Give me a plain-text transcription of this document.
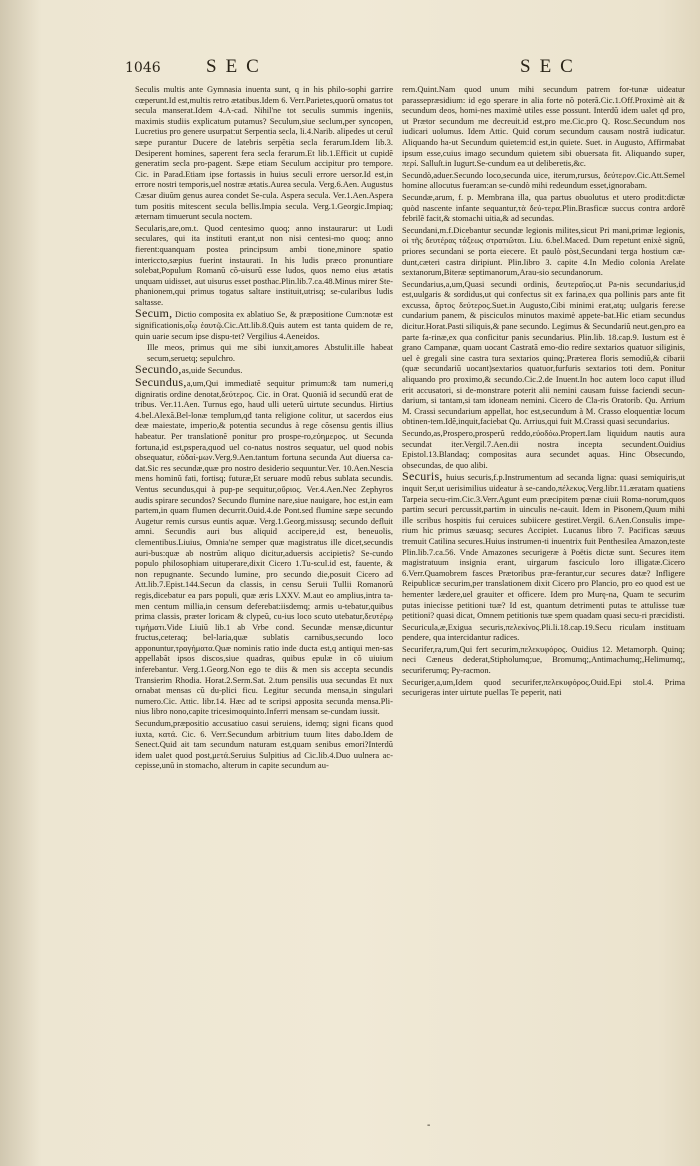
1046 SEC	SEC

Seculis multis ante Gymnasia inuenta sunt, q in his philo-sophi garrire cœperunt.Id est,multis retro ætatibus.Idem 6. Verr.Parietes,quorũ ornatus tot secula manserat.Idem 4.A-cad. Nihil'ne tot seculis summis ingeniis, maximis studiis explicatum putamus? Seculum,siue seclum,per syncopen, Lucretius pro genere usurpat:ut Serpentia secla, li.4.Narib. alipedes ut ceruĩ sæpe purantur Ducere de latebris serpẽtia secla ferarum.Idem lib.3. Desiperent homines, saperent fera secla ferarum.Et lib.1.Efficit ut cupidẽ generatim secla pro-pagent. Sæpe etiam Seculum accipitur pro tempore. Cic. in Parad.Etiam ipse fortassis in huius seculi errore uersor.Id est,in errore nostri temporis,uel nostræ ætatis.Aurea secula. Verg.6.Aen. Augustus Cæsar diuũm genus aurea condet Se-cula. Aspera secula. Ver.1.Aen.Aspera tum positis mitescent secula bellis.Impia secula. Verg.1.Georgic.Impiaq; æternam timuerunt secula noctem.

Secularis,are,om.t. Quod centesimo quoq; anno instaurarur: ut Ludi seculares, qui ita instituti erant,ut non nisi centesi-mo quoq; anno fierent:quanquam postea principsum ambi tione,minore spatio intericcto,sæpius fuerint instaurati. In his ludis præco pronuntiare solebat,Populum Romanũ cõ-uisurũ esse ludos, quos nemo eius ætatis unquam uidisset, aut uisurus esset posthac.Plin.lib.7.ca.48.Minus mirer Ste-phanionem,qui primus togatus saltare instituit,utrisq; se-cularibus ludis saltasse.

Secum, Dictio composita ex ablatiuo Se, & præpositione Cum:notæ est significationis,οἷῳ ἑαυτῷ.Cic.Att.lib.8.Quis autem est tanta quidem de re, quin uarie secum ipse dispu-tet? Vergilius 4.Aeneidos.

Ille meos, primus qui me sibi iunxit,amores Abstulit.ille habeat secum,seruetq; sepulchro.

Secundo,as,uide Secundus.

Secundus,a,um,Qui immediatẽ sequitur primum:& tam numeri,q digniratis ordine denotat,δεύτερος. Cic. in Orat. Quoniã id secundũ erat de tribus. Ver.11.Aen. Turnus ego, haud ulli ueterũ uirtute secundus. Hirtius 4.bel.Alexã.Bel-lonæ templum,qđ tanta religione colitur, ut sacerdos eius deæ maiestate, imperio,& potentia secundus à rege cõsensu gentis illius habeatur. Per translationẽ ponitur pro prospe-ro,εὐημερος. ut Secunda fortuna,id est,pspera,quod uel co-natus nostros sequatur, uel quod nobis obsequatur, εὐδαί-μων.Verg.9.Aen.tantum fortuna secunda Aut diuersa ca-dat.Sic res secundæ,quæ pro nostro desiderio sequuntur.Ver. 10.Aen.Nescia mens hominũ fati, fortisq; futuræ,Et seruare modũ rebus sublata secundis. Ventus secundus,qui à pup-pe sequitur,οὔριος. Ver.4.Aen.Nec Zephyros audis spirare secundos? Secundo flumine nare,siue nauigare, hoc est,in eam partem,in quam flumen decurrit.Ouid.4.de Pont.sed flumine sæpe secundo Augetur remis cursus euntis aquæ. Verg.1.Georg.missusq; secundo defluit amni. Secundis auri bus aliquid accipere,id est, beneuolis, clementibus.Liuius, Omnia'ne semper quæ magistratus ille dicet,secundis auri-bus:quæ ab nostrũm aliquo dicitur,aduersis accipietis? Se-cundo populo philosophiam uituperare,dixit Cicero 1.Tu-scul.id est, fauente, & non repugnante. Secundo lumine, pro secundo die,posuit Cicero ad Att.lib.7.Epist.144.Secun da classis, in censu Seruii Tullii Romanorũ regis,dicebatur ea pars populi, quæ æris LXXV. M.aut eo amplius,intra ta-men centum millia,in censum deferebat:iisdemq; armis u-tebatur,quibus prima classis, præter loricam & clypeũ, cu-ius loco scuto utebatur,δευτέρῳ τιμήματι.Vide Liuiũ lib.1 ab Vrbe cond. Secundæ mensæ,dicuntur fructus,ceteraq; bel-laria,quæ sublatis carnibus,secundo loco apponuntur,τραγήματα.Quæ nominis ratio inde ducta est,q antiqui men-sas appellabãt ipsos discos,siue quadras, quibus epulæ in cõ uiuium inferebantur. Verg.1.Georg.Non ego te diis & men sis accepta secundis Transierim Rhodia. Horat.2.Serm.Sat. 2.tum pensilis uua secundas Et nux ornabat mensas cũ du-plici ficu. Legitur secunda mensa,in singulari numero.Cic. Attic. libr.14. Hæc ad te scripsi apposita secunda mensa.Pli-nius libro nono,capite tricesimoquinto.Inferri mensam se-cundam iussit.

Secundum,præpositio accusatiuo casui seruiens, idemq; signi ficans quod iuxta, κατά. Cic. 6. Verr.Secundum arbitrium tuum lites dabo.Idem de Senect.Quid ait tam secundum naturam est,quam senibus emori?Interdũ idem ualet quod post,μετά.Seruius Sulpitius ad Cic.lib.4.Duo uulnera ac-cepisse,unũ in stomacho, alterum in capite secundum au-

rem.Quint.Nam quod unum mihi secundum patrem for-tunæ uideatur parassepræsidium: id ego sperare in alia forte nõ poterã.Cic.1.Off.Proximè ait & secundum deos, homi-nes maximè utiles esse possunt. Interdũ idem ualet qđ pro, ut Prætor secundum me decreuit.id est,pro me.Cic.pro Q. Rosc.Secundum nos iudicari uolumus. Idem Attic. Quid corum secundum causam nostrã iudicatur. Aliquando ha-ut Secundum quietem:id est,in quiete. Suet. in Augusto, Affirmabat ipsum esse,cuius imago secundum quietem sibi obuersata fit. Aliquando super, περί. Salluſt.in Iugurt.Se-cundum ea ut deliberetis,&c.

Secundò,aduer.Secundo loco,secunda uice, iterum,rursus, δεύτερον.Cic.Att.Semel homine allocutus fueram:an se-cundò mihi redeundum esset,ignorabam.

Secundæ,arum, f. p. Membrana illa, qua partus obuolutus et utero prodit:dictæ quòd nascente infante sequantur,τὰ δεύ-τερα.Plin.Brasficæ succus contra ardorẽ febrilẽ facit,& stomachi uitia,& ad secundas.

Secundani,m.f.Dicebantur secundæ legionis milites,sicut Pri mani,primæ legionis, οἱ τῆς δευτέρας τάξεως στρατιῶται. Liu. 6.bel.Maced. Dum repetunt enixè signũ, priores secundani se porta eiecere. Et paulò pòst,Secundani terga hostium cæ-dunt,cæteri castra diripiunt. Plin.libro 3. capite 4.In Medio colonia Arelate sextanorum,Biteræ septimanorum,Arau-sio secundanorum.

Secundarius,a,um,Quasi secundi ordinis, δευτεραῖος.ut Pa-nis secundarius,id est,uulgaris & sordidus,ut qui confectus sit ex farina,ex qua pollinis pars ante fit excussa, ἄρτος δεύτερος.Suet.in Augusto,Cibi minimi erat,atq; uulgaris fere:se cundarium panem, & pisciculos minutos maximè appete-bat.Hic etiam secundus dicitur.Horat.Pasti siliquis,& pane secundo. Legimus & Secundariũ neut.gen,pro ea parte fa-rinæ,ex qua conficitur panis secundarius. Plin.lib. 18.cap.9. Iustum est è grano Campanæ, quam uocant Castratã emo-dio redire sextarios quatuor siliginis, uel è gregali sine castra tura sextarios quinq;.Præterea floris semodiũ,& cibarii (quæ secundariũ uocant)sextarios quatuor,furfuris sextarios toti dem. Ponitur aliquando pro proximo,& secundo.Cic.2.de Inuent.In hoc autem loco caput illud erit accusatori, si de-monstrare poterit alii nemini causam fuisse faciendi secun-darium, si tantam,si tam idoneam nemini. Cicero de Cla-ris Oratorib. Qu. Arrium M. Crassi secundarium appellat, hoc est,secundum à M. Crasso eloquentiæ locum obtinen-tem.Idẽ,inquit,faciebat Qu. Arrius,qui fuit M.Crassi quasi secundarius.

Secundo,as,Prospero,prosperũ reddo,εὐοδόω.Propert.Iam liquidum nautis aura secundat iter.Vergil.7.Aen.dii nostra incepta secundent.Ouidius Epistol.13.Blandaq; compositas aura secundet aquas. Hinc Obsecundo, obsecundas, de quo alibi.

Securis, huius securis,f.p.Instrumentum ad secanda ligna: quasi semiquiris,ut inquit Ser,ut uerisimilius uideatur à se-cando,πέλεκυς.Verg.libr.11.æratam quatiens Tarpeia secu-rim.Cic.3.Verr.Agunt eum præcipitem pœnæ ciuii Roma-norum,quos partim securi percussit,partim in uinculis ne-cauit. Idem in Pisonem,Quum mihi ille scribus hospitis fui ceruices subiicere gestiret.Vergil. 6.Aen.Consulis impe-rium hic primus sæuasq; secures Accipiet. Lucanus libro 7. Pacificas sæuus tremuit Catilina secures.Huius instrumen-ti inuentrix fuit Penthesilea Amazon,teste Plin.lib.7.ca.56. Vnde Amazones securigeræ à Poëtis dictæ sunt. Secures item magistratuum insignia erant, uirgarum fasciculo loro illigatæ.Cicero 6.Verr.Quamobrem fasces Prætoribus præ-ferantur,cur secures datæ? Infligere Reipublicæ securim,per translationem dixit Cicero pro Plancio, pro eo quod est ue hementer lædere,uel grauiter et officere. Idem pro Murę-na, Quam te securim putas iniecisse petitioni tuæ? Id est, quantum detrimenti putas te attulisse tuæ petitioni? quasi dicat, Omnem petitionis tuæ spem quadam quasi secu-ri præcidisti.

Securicula,æ,Exigua securis,πελεκίνος.Pli.li.18.cap.19.Secu riculam instituam pendere, qua intercidantur radices.

Securifer,ra,rum,Qui fert securim,πελεκυφόρος. Ouidius 12. Metamorph. Quinq; neci Cæneus dederat,Stipholumq;ue, Bromumq;,Antimachumq;,Helimumq;, securiferumq; Py-racmon.

Securiger,a,um,Idem quod securifer,πελεκυφόρος.Ouid.Epi stol.4. Prima securigeras inter uirtute puellas Te peperit, nati

-
